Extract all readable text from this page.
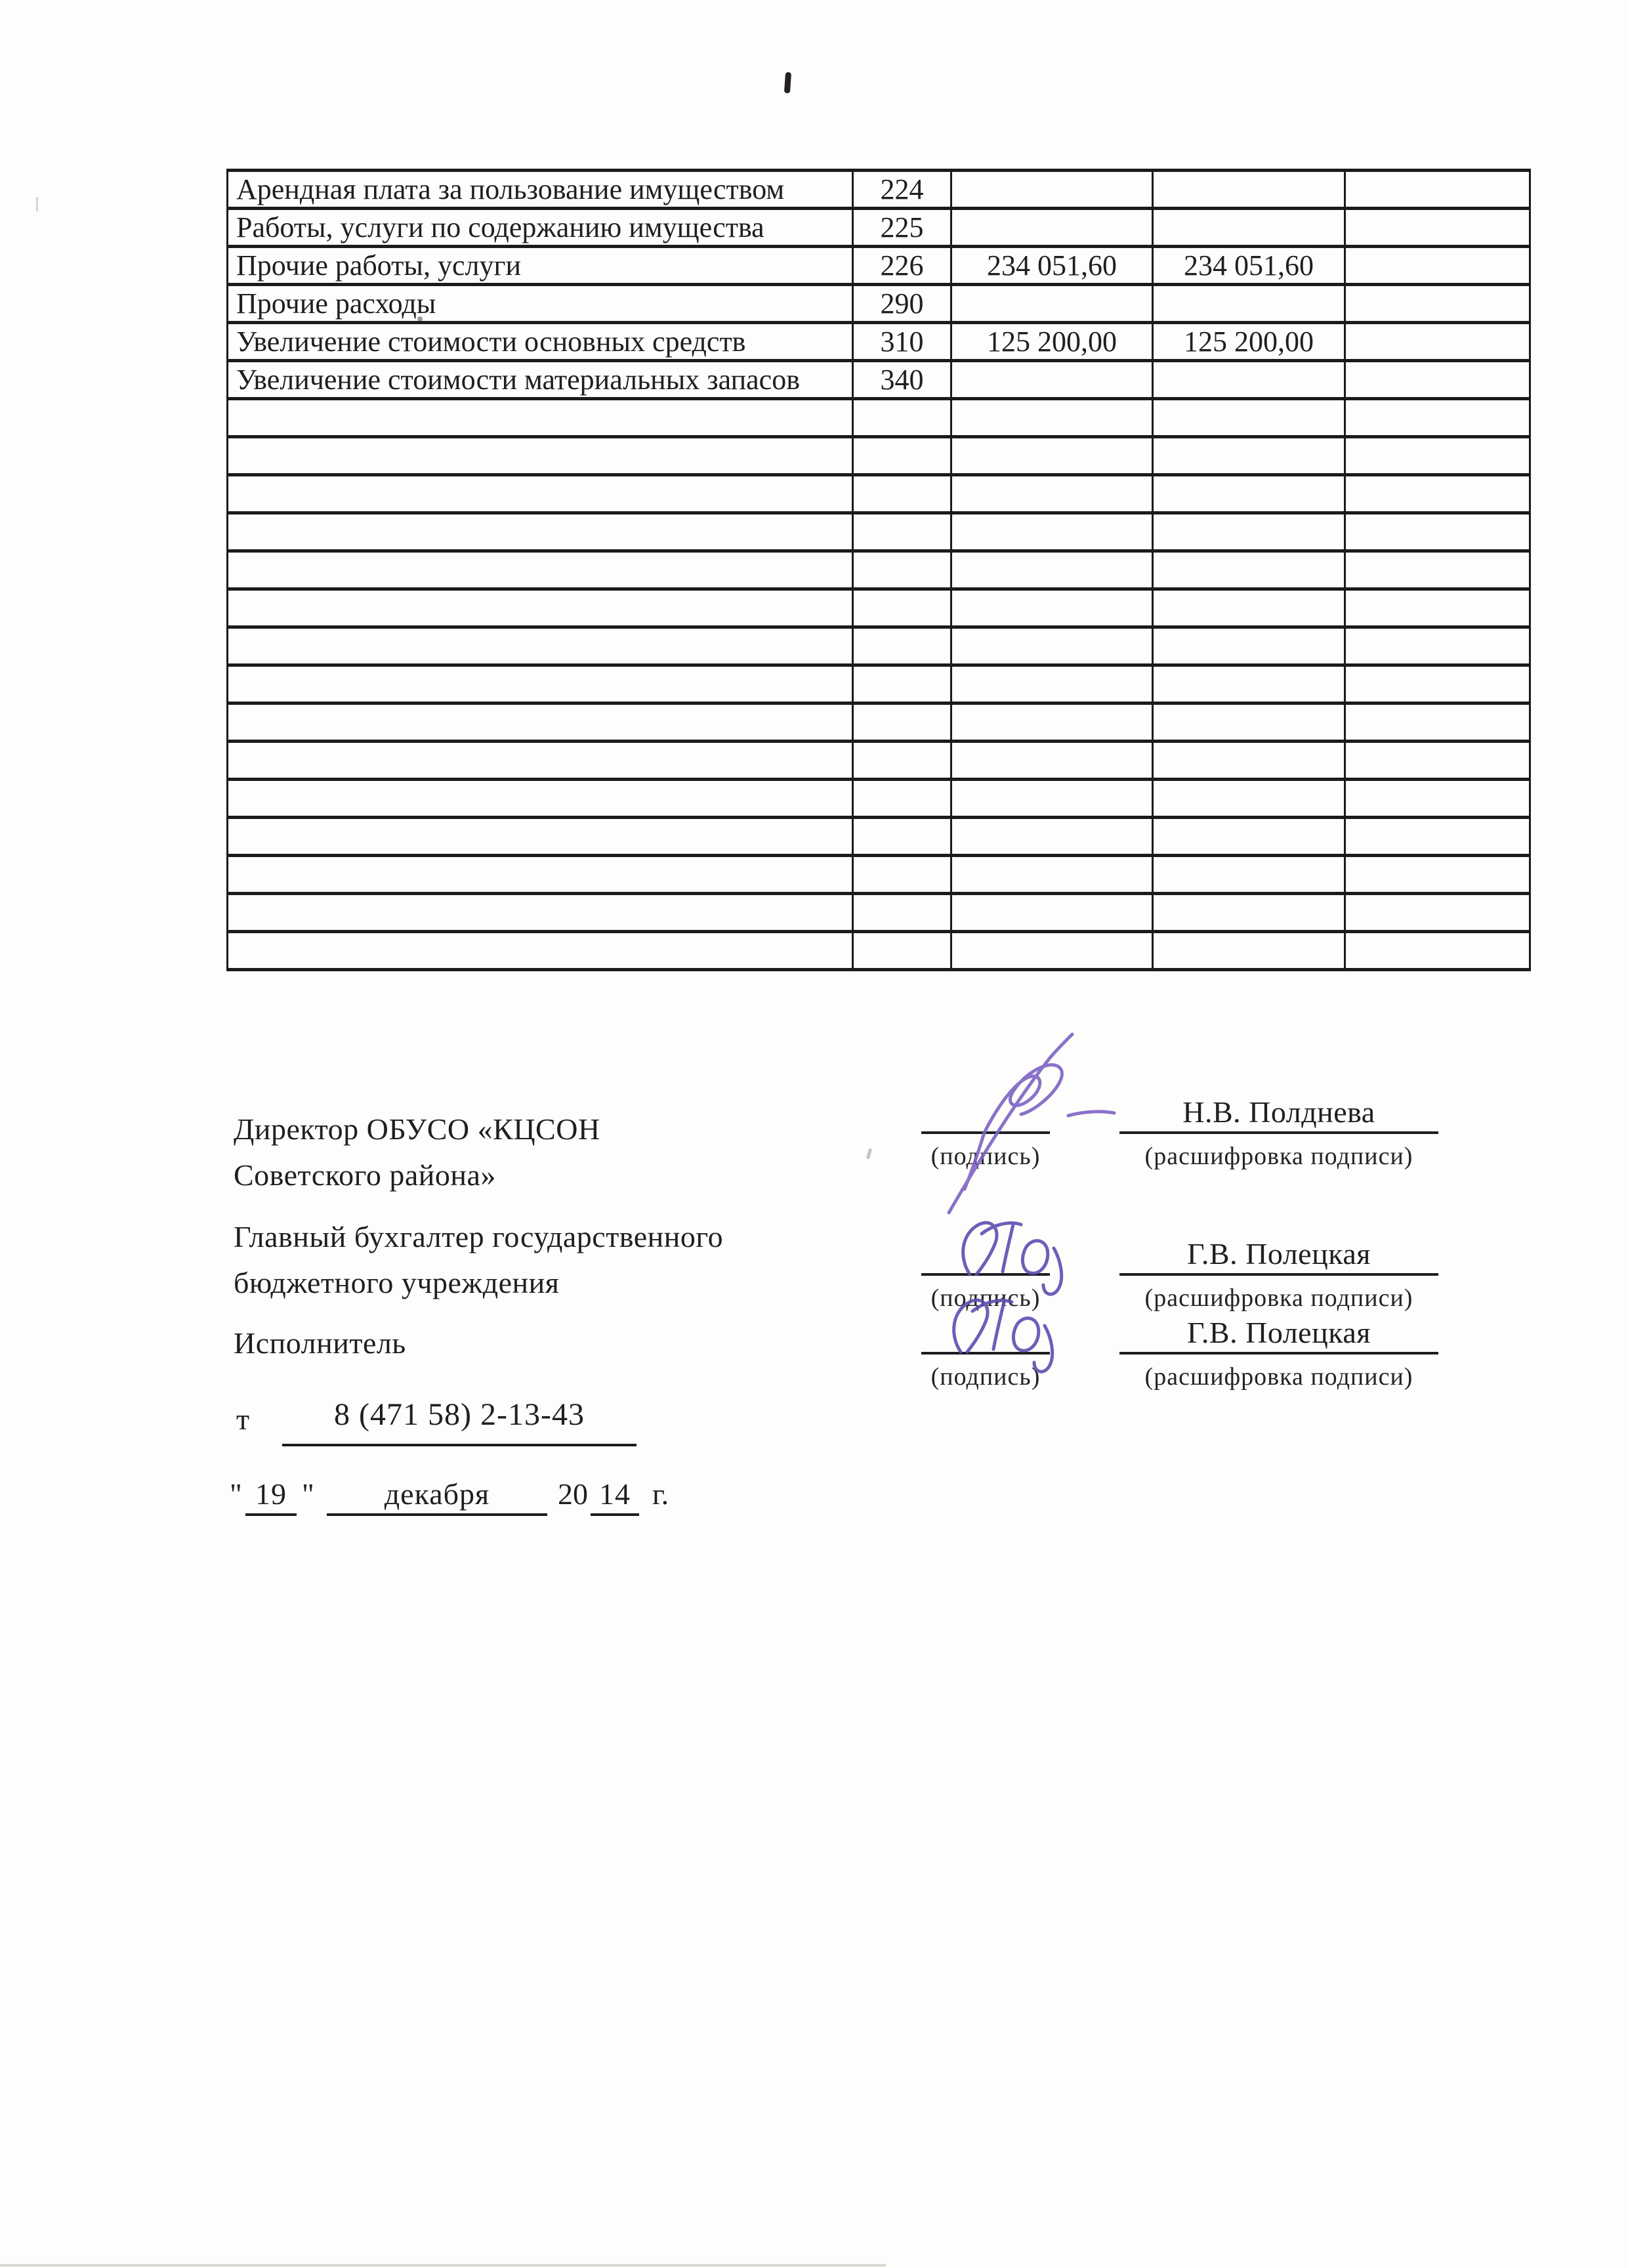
Арендная плата за пользование имуществом	224			
Работы, услуги по содержанию имущества	225			
Прочие работы, услуги	226	234 051,60	234 051,60	
Прочие расходы	290			
Увеличение стоимости основных средств	310	125 200,00	125 200,00	
Увеличение стоимости материальных запасов	340			

Директор ОБУСО «КЦСОН
Советского района»
(подпись)
Н.В. Полднева
(расшифровка подписи)
Главный бухгалтер государственного
бюджетного учреждения	(подпись)
Г.В. Полецкая
(расшифровка подписи)
Исполнитель
(подпись)
Г.В. Полецкая
(расшифровка подписи)
т	8 (471 58) 2-13-43
" 19 "	декабря	20 14 г.
